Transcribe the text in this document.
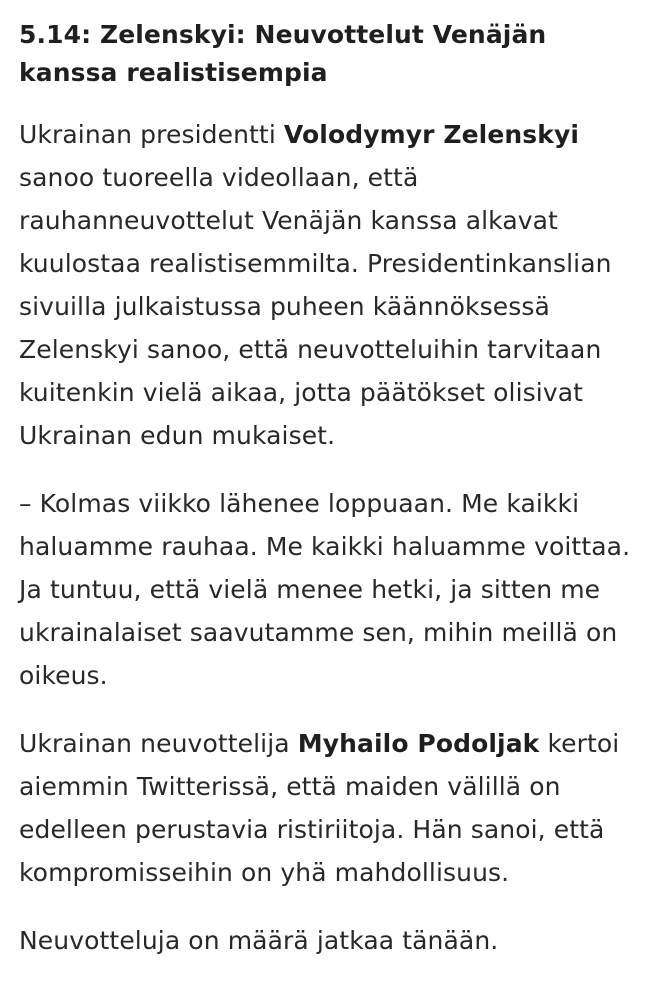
5.14: Zelenskyi: Neuvottelut Venäjän kanssa realistisempia

Ukrainan presidentti Volodymyr Zelenskyi sanoo tuoreella videollaan, että rauhanneuvottelut Venäjän kanssa alkavat kuulostaa realistisemmilta. Presidentinkanslian sivuilla julkaistussa puheen käännöksessä Zelenskyi sanoo, että neuvotteluihin tarvitaan kuitenkin vielä aikaa, jotta päätökset olisivat Ukrainan edun mukaiset.

– Kolmas viikko lähenee loppuaan. Me kaikki haluamme rauhaa. Me kaikki haluamme voittaa. Ja tuntuu, että vielä menee hetki, ja sitten me ukrainalaiset saavutamme sen, mihin meillä on oikeus.

Ukrainan neuvottelija Myhailo Podoljak kertoi aiemmin Twitterissä, että maiden välillä on edelleen perustavia ristiriitoja. Hän sanoi, että kompromisseihin on yhä mahdollisuus.

Neuvotteluja on määrä jatkaa tänään.
